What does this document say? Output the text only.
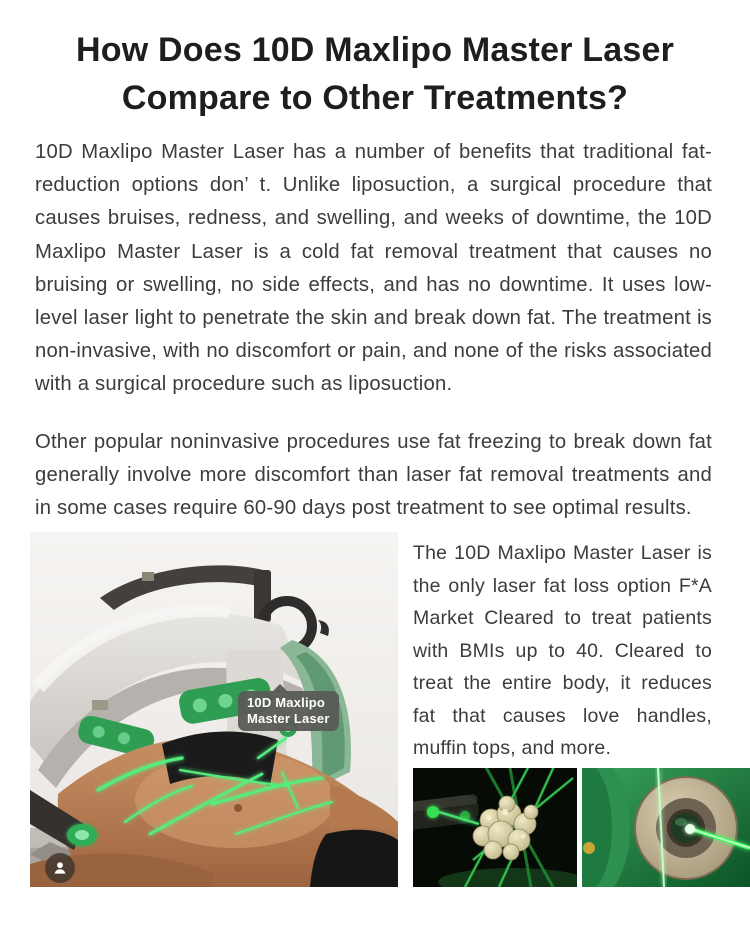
How Does 10D Maxlipo Master Laser
Compare to Other Treatments?

10D Maxlipo Master Laser has a number of benefits that traditional fat-reduction options don’ t. Unlike liposuction, a surgical procedure that causes bruises, redness, and swelling, and weeks of downtime, the 10D Maxlipo Master Laser is a cold fat removal treatment that causes no bruising or swelling, no side effects, and has no downtime. It uses low-level laser light to penetrate the skin and break down fat. The treatment is non-invasive, with no discomfort or pain, and none of the risks associated with a surgical procedure such as liposuction.

Other popular noninvasive procedures use fat freezing to break down fat generally involve more discomfort than laser fat removal treatments and in some cases require 60-90 days post treatment to see optimal results.

10D Maxlipo
Master Laser

The 10D Maxlipo Master Laser is the only laser fat loss option F*A Market Cleared to treat patients with BMIs up to 40. Cleared to treat the entire body, it reduces fat that causes love handles, muffin tops, and more.
